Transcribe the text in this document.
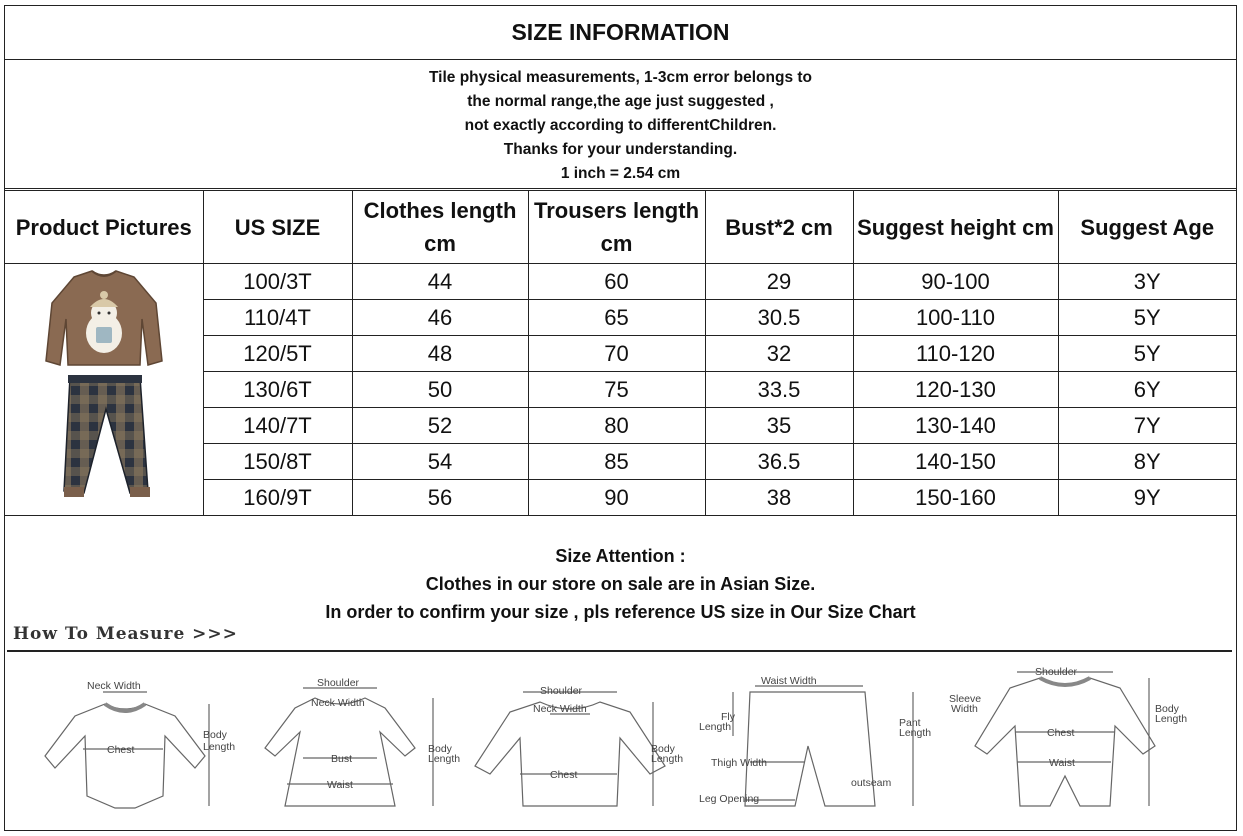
SIZE INFORMATION
Tile physical measurements, 1-3cm error belongs to
the normal range,the age just suggested ,
not exactly according to differentChildren.
Thanks for your understanding.
1 inch = 2.54 cm
Product Pictures	US SIZE	Clothes length cm	Trousers length cm	Bust*2 cm	Suggest height cm	Suggest Age
	100/3T	44	60	29	90-100	3Y
	110/4T	46	65	30.5	100-110	5Y
	120/5T	48	70	32	110-120	5Y
	130/6T	50	75	33.5	120-130	6Y
	140/7T	52	80	35	130-140	7Y
	150/8T	54	85	36.5	140-150	8Y
	160/9T	56	90	38	150-160	9Y
Size Attention :
Clothes in our store on sale are in Asian Size.
In order to confirm your size , pls reference US size in Our Size Chart
How To Measure >>>
Neck Width
Chest
Body
Length
Shoulder
Neck Width
Bust
Waist
Body
Length
Shoulder
Neck Width
Chest
Body
Length
Waist Width
Fly
Length
Thigh Width
Leg Opening
Pant
Length
outseam
Shoulder
Sleeve
Width
Chest
Waist
Body
Length
